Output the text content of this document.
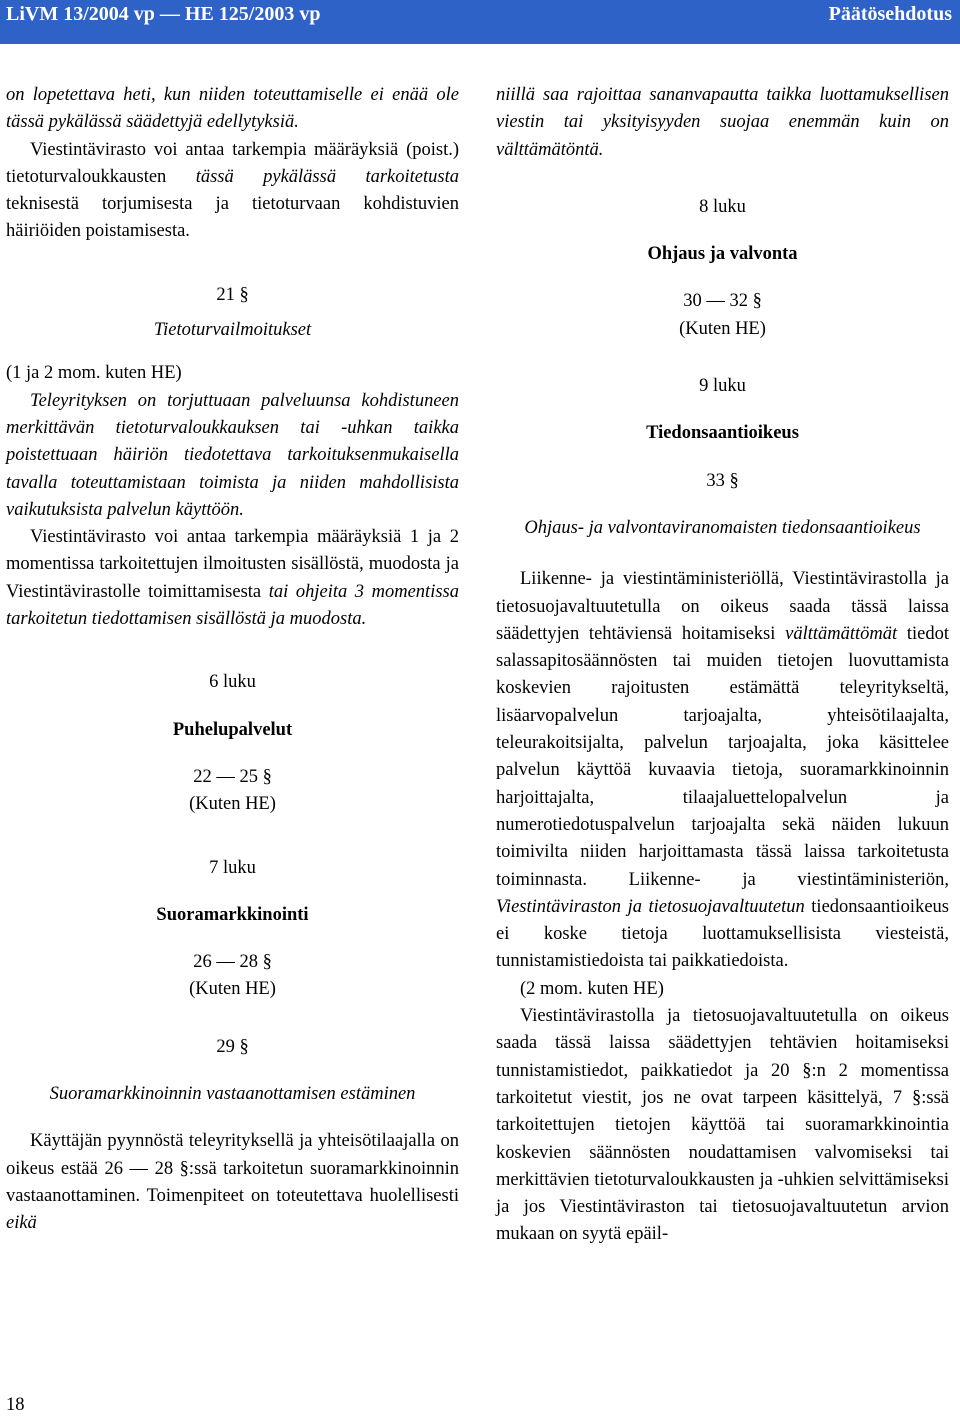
LiVM 13/2004 vp — HE 125/2003 vp	Päätösehdotus

on lopetettava heti, kun niiden toteuttamiselle ei enää ole tässä pykälässä säädettyjä edellytyksiä.

Viestintävirasto voi antaa tarkempia määräyksiä (poist.) tietoturvaloukkausten tässä pykälässä tarkoitetusta teknisestä torjumisesta ja tietoturvaan kohdistuvien häiriöiden poistamisesta.

21 §

Tietoturvailmoitukset

(1 ja 2 mom. kuten HE)

Teleyrityksen on torjuttuaan palveluunsa kohdistuneen merkittävän tietoturvaloukkauksen tai -uhkan taikka poistettuaan häiriön tiedotettava tarkoituksenmukaisella tavalla toteuttamistaan toimista ja niiden mahdollisista vaikutuksista palvelun käyttöön.

Viestintävirasto voi antaa tarkempia määräyksiä 1 ja 2 momentissa tarkoitettujen ilmoitusten sisällöstä, muodosta ja Viestintävirastolle toimittamisesta tai ohjeita 3 momentissa tarkoitetun tiedottamisen sisällöstä ja muodosta.

6 luku

Puhelupalvelut

22 — 25 §

(Kuten HE)

7 luku

Suoramarkkinointi

26 — 28 §

(Kuten HE)

29 §

Suoramarkkinoinnin vastaanottamisen estäminen

Käyttäjän pyynnöstä teleyrityksellä ja yhteisötilaajalla on oikeus estää 26 — 28 §:ssä tarkoitetun suoramarkkinoinnin vastaanottaminen. Toimenpiteet on toteutettava huolellisesti eikä

niillä saa rajoittaa sananvapautta taikka luottamuksellisen viestin tai yksityisyyden suojaa enemmän kuin on välttämätöntä.

8 luku

Ohjaus ja valvonta

30 — 32 §

(Kuten HE)

9 luku

Tiedonsaantioikeus

33 §

Ohjaus- ja valvontaviranomaisten tiedonsaantioikeus

Liikenne- ja viestintäministeriöllä, Viestintävirastolla ja tietosuojavaltuutetulla on oikeus saada tässä laissa säädettyjen tehtäviensä hoitamiseksi välttämättömät tiedot salassapitosäännösten tai muiden tietojen luovuttamista koskevien rajoitusten estämättä teleyritykseltä, lisäarvopalvelun tarjoajalta, yhteisötilaajalta, teleurakoitsijalta, palvelun tarjoajalta, joka käsittelee palvelun käyttöä kuvaavia tietoja, suoramarkkinoinnin harjoittajalta, tilaajaluettelopalvelun ja numerotiedotuspalvelun tarjoajalta sekä näiden lukuun toimivilta niiden harjoittamasta tässä laissa tarkoitetusta toiminnasta. Liikenne- ja viestintäministeriön, Viestintäviraston ja tietosuojavaltuutetun tiedonsaantioikeus ei koske tietoja luottamuksellisista viesteistä, tunnistamistiedoista tai paikkatiedoista.

(2 mom. kuten HE)

Viestintävirastolla ja tietosuojavaltuutetulla on oikeus saada tässä laissa säädettyjen tehtävien hoitamiseksi tunnistamistiedot, paikkatiedot ja 20 §:n 2 momentissa tarkoitetut viestit, jos ne ovat tarpeen käsittelyä, 7 §:ssä tarkoitettujen tietojen käyttöä tai suoramarkkinointia koskevien säännösten noudattamisen valvomiseksi tai merkittävien tietoturvaloukkausten ja -uhkien selvittämiseksi ja jos Viestintäviraston tai tietosuojavaltuutetun arvion mukaan on syytä epäil-

18
